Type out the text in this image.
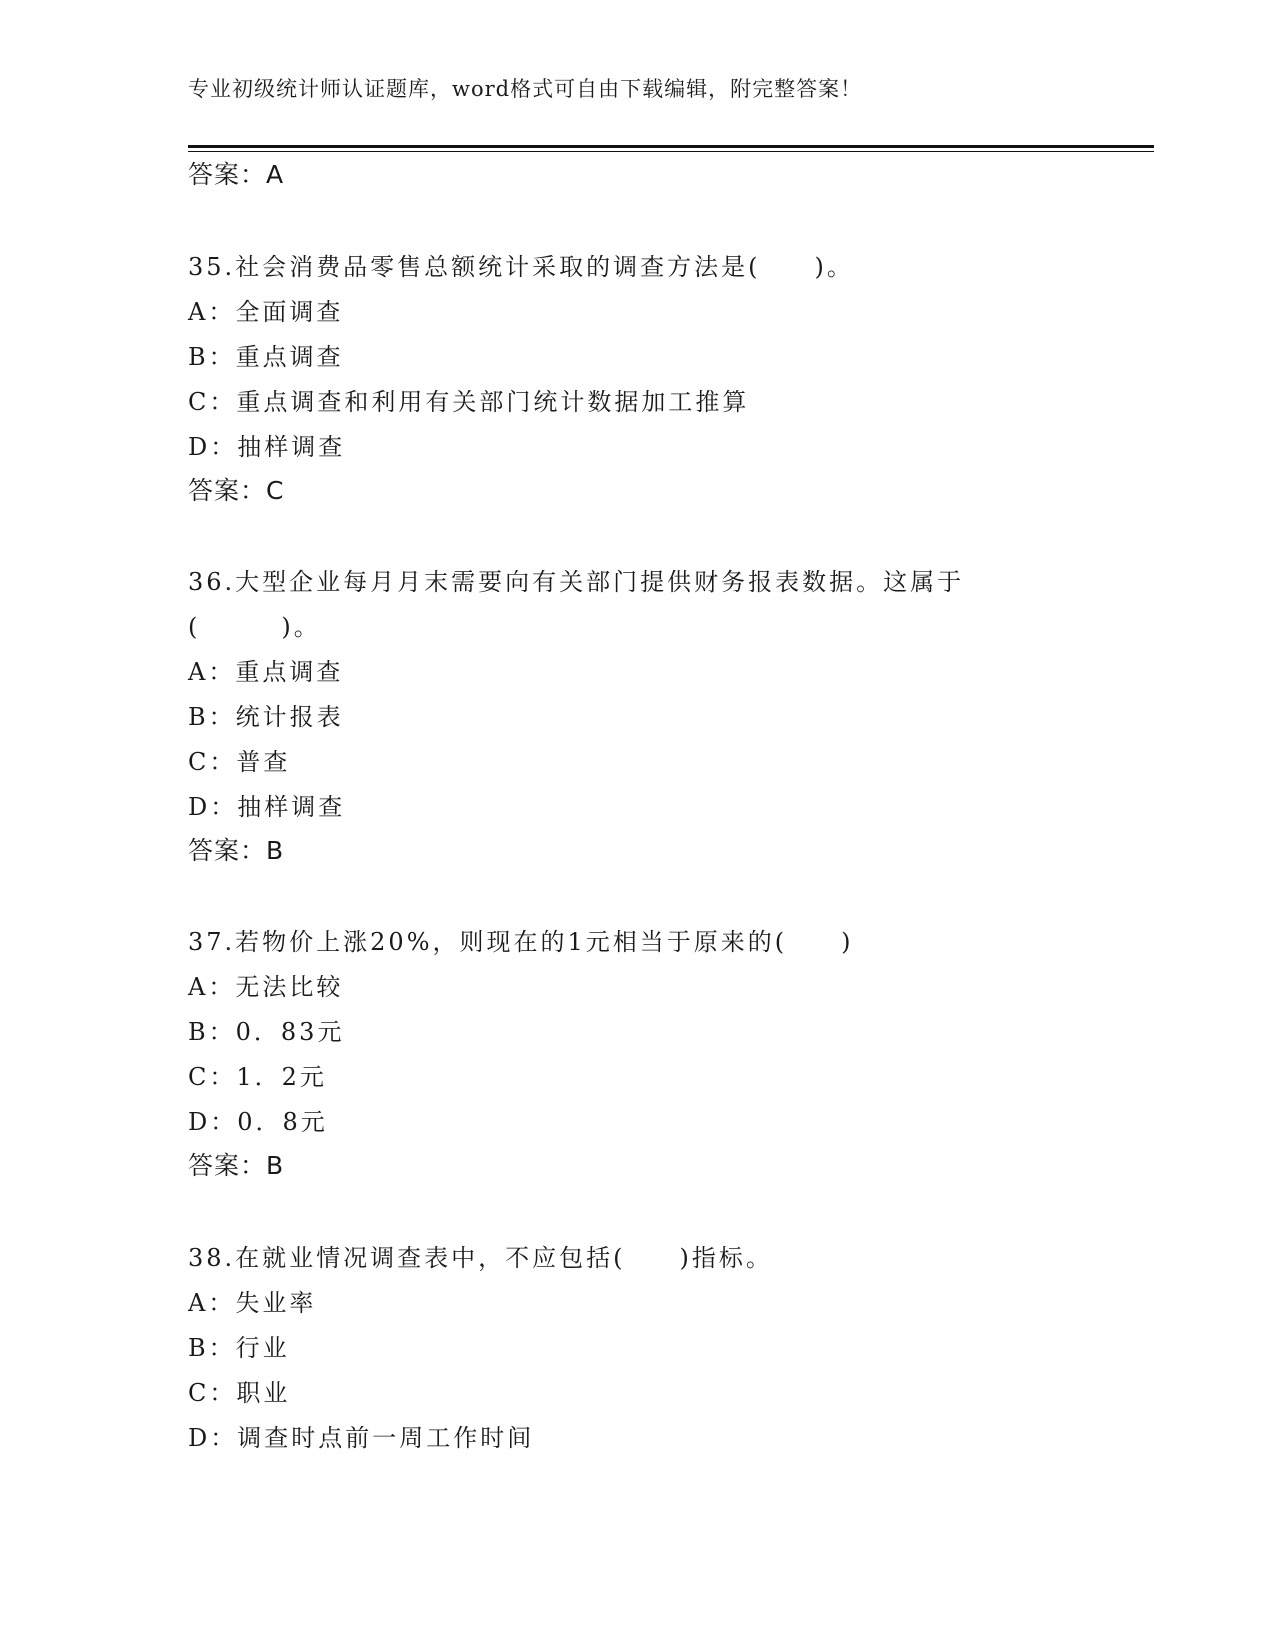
专业初级统计师认证题库，word格式可自由下载编辑，附完整答案！
答案：A
35.社会消费品零售总额统计采取的调查方法是(　　)。
A：全面调查
B：重点调查
C：重点调查和利用有关部门统计数据加工推算
D：抽样调查
答案：C
36.大型企业每月月末需要向有关部门提供财务报表数据。这属于
(　　　)。
A：重点调查
B：统计报表
C：普查
D：抽样调查
答案：B
37.若物价上涨20%，则现在的1元相当于原来的(　　)
A：无法比较
B：0．83元
C：1．2元
D：0．8元
答案：B
38.在就业情况调查表中，不应包括(　　)指标。
A：失业率
B：行业
C：职业
D：调查时点前一周工作时间
